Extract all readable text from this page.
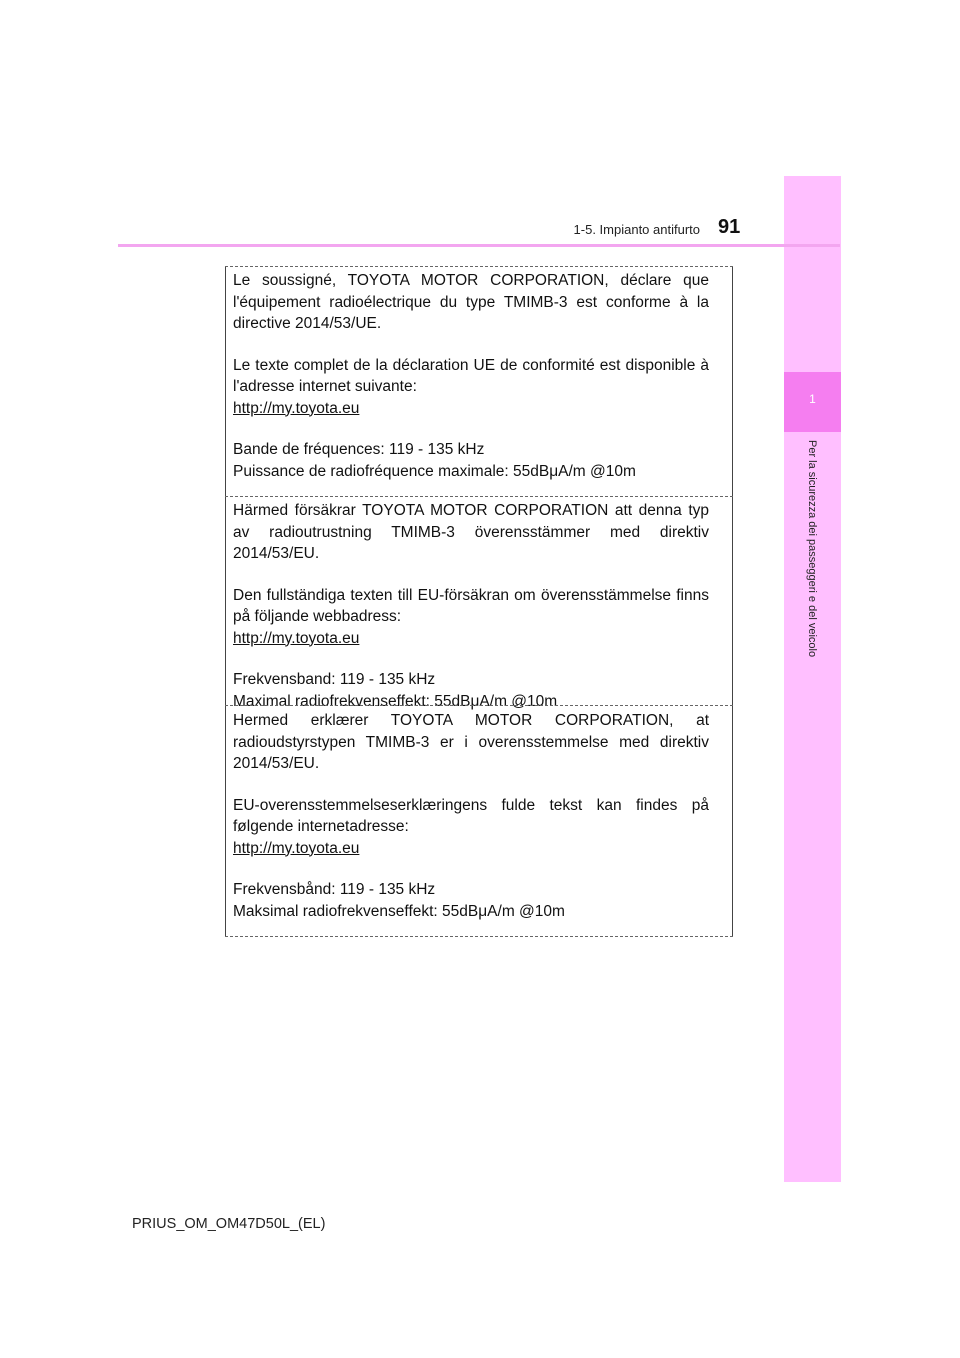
1
Per la sicurezza dei passeggeri e del veicolo
1-5. Impianto antifurto 91

Le soussigné, TOYOTA MOTOR CORPORATION, déclare que l'équipement radioélectrique du type TMIMB-3 est conforme à la directive 2014/53/UE.

Le texte complet de la déclaration UE de conformité est disponible à l'adresse internet suivante:

http://my.toyota.eu

Bande de fréquences: 119 - 135 kHz

Puissance de radiofréquence maximale: 55dBμA/m @10m

Härmed försäkrar TOYOTA MOTOR CORPORATION att denna typ av radioutrustning TMIMB-3 överensstämmer med direktiv 2014/53/EU.

Den fullständiga texten till EU-försäkran om överensstämmelse finns på följande webbadress:

http://my.toyota.eu

Frekvensband: 119 - 135 kHz

Maximal radiofrekvenseffekt: 55dBμA/m @10m

Hermed erklærer TOYOTA MOTOR CORPORATION, at radioudstyrstypen TMIMB-3 er i overensstemmelse med direktiv 2014/53/EU.

EU-overensstemmelseserklæringens fulde tekst kan findes på følgende internetadresse:

http://my.toyota.eu

Frekvensbånd: 119 - 135 kHz

Maksimal radiofrekvenseffekt: 55dBμA/m @10m

PRIUS_OM_OM47D50L_(EL)
